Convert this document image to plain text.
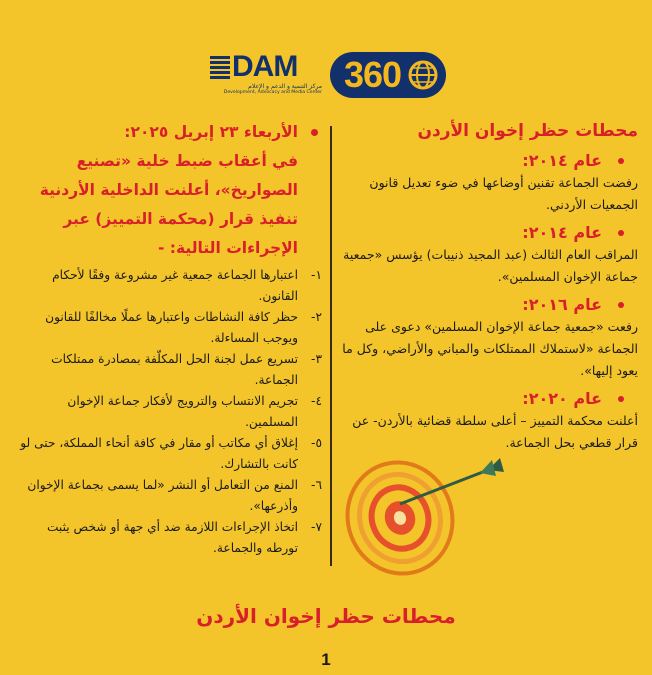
DAM
مركز التنمية و الدعم و الإعلام
Development, Advocacy and Media Center 360
محطات حظر إخوان الأردن
عام ٢٠١٤:
رفضت الجماعة تقنين أوضاعها في ضوء تعديل قانون الجمعيات الأردني.
عام ٢٠١٤:
المراقب العام الثالث (عبد المجيد ذنيبات) يؤسس «جمعية جماعة الإخوان المسلمين».
عام ٢٠١٦:
رفعت «جمعية جماعة الإخوان المسلمين» دعوى على الجماعة «لاستملاك الممتلكات والمباني والأراضي، وكل ما يعود إليها».
عام ٢٠٢٠:
أعلنت محكمة التمييز – أعلى سلطة قضائية بالأردن- عن قرار قطعي بحل الجماعة.
الأربعاء ٢٣ إبريل ٢٠٢٥:
في أعقاب ضبط خلية «تصنيع
الصواريخ»، أعلنت الداخلية الأردنية
تنفيذ قرار (محكمة التمييز) عبر
الإجراءات التالية: -
١-
اعتبارها الجماعة جمعية غير مشروعة وفقًا لأحكام القانون.
٢-
حظر كافة النشاطات واعتبارها عملًا مخالفًا للقانون ويوجب المساءلة.
٣-
تسريع عمل لجنة الحل المكلّفة بمصادرة ممتلكات الجماعة.
٤-
تجريم الانتساب والترويج لأفكار جماعة الإخوان المسلمين.
٥-
إغلاق أي مكاتب أو مقار في كافة أنحاء المملكة، حتى لو كانت بالتشارك.
٦-
المنع من التعامل أو النشر «لما يسمى بجماعة الإخوان وأذرعها».
٧-
اتخاذ الإجراءات اللازمة ضد أي جهة أو شخص يثبت تورطه والجماعة.
محطات حظر إخوان الأردن
1
